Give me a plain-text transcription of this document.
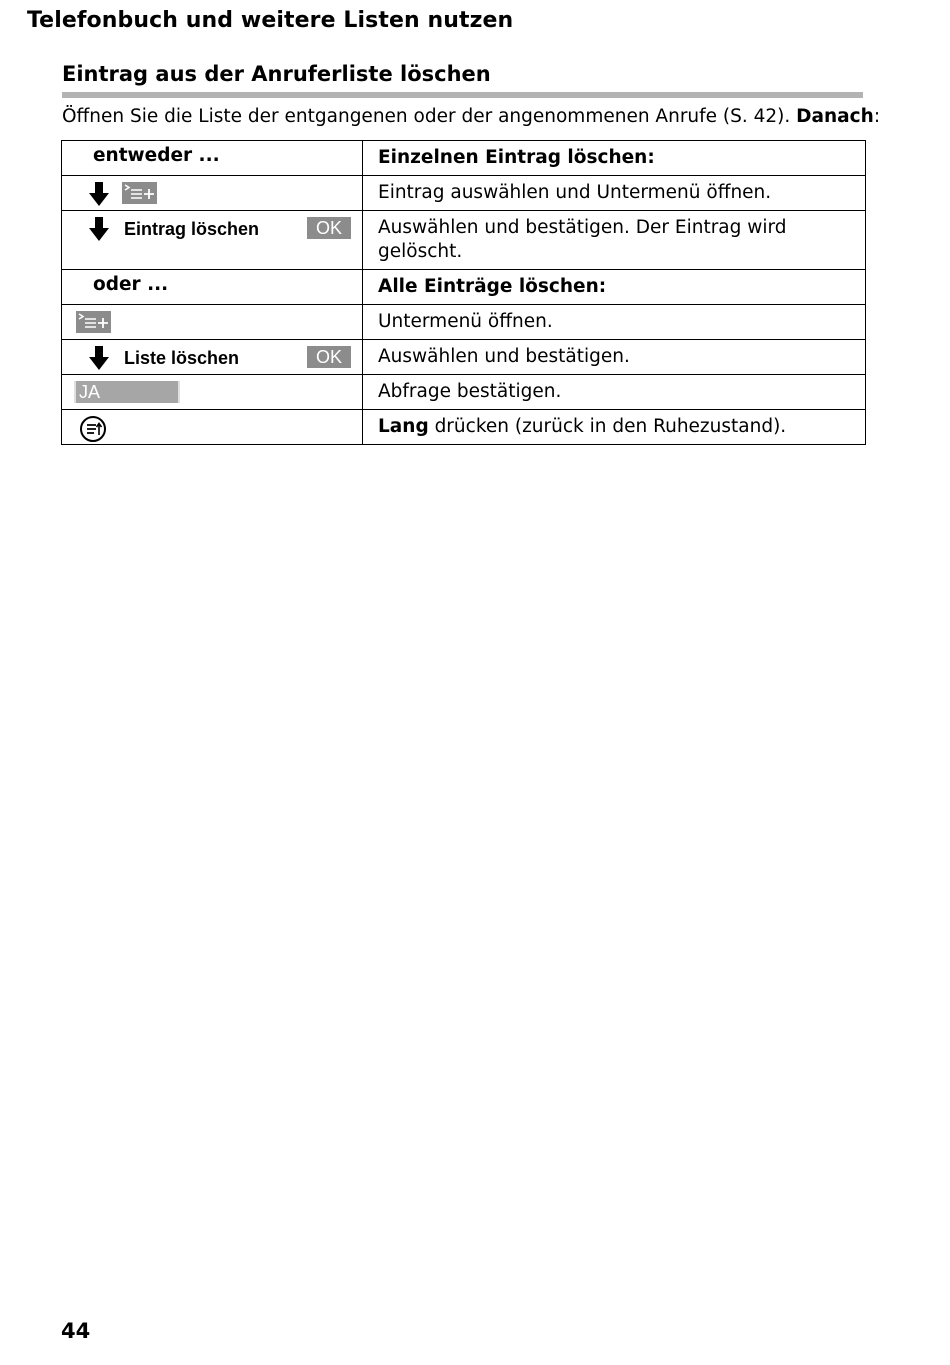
Telefonbuch und weitere Listen nutzen
Eintrag aus der Anruferliste löschen
Öffnen Sie die Liste der entgangenen oder der angenommenen Anrufe (S. 42). Danach:
entweder ...	Einzelnen Eintrag löschen:

	Eintrag auswählen und Untermenü öffnen.

Eintrag löschen OK	Auswählen und bestätigen. Der Eintrag wird gelöscht.

oder ...	Alle Einträge löschen:

	Untermenü öffnen.

Liste löschen OK	Auswählen und bestätigen.

JA	Abfrage bestätigen.

	Lang drücken (zurück in den Ruhezustand).
44
